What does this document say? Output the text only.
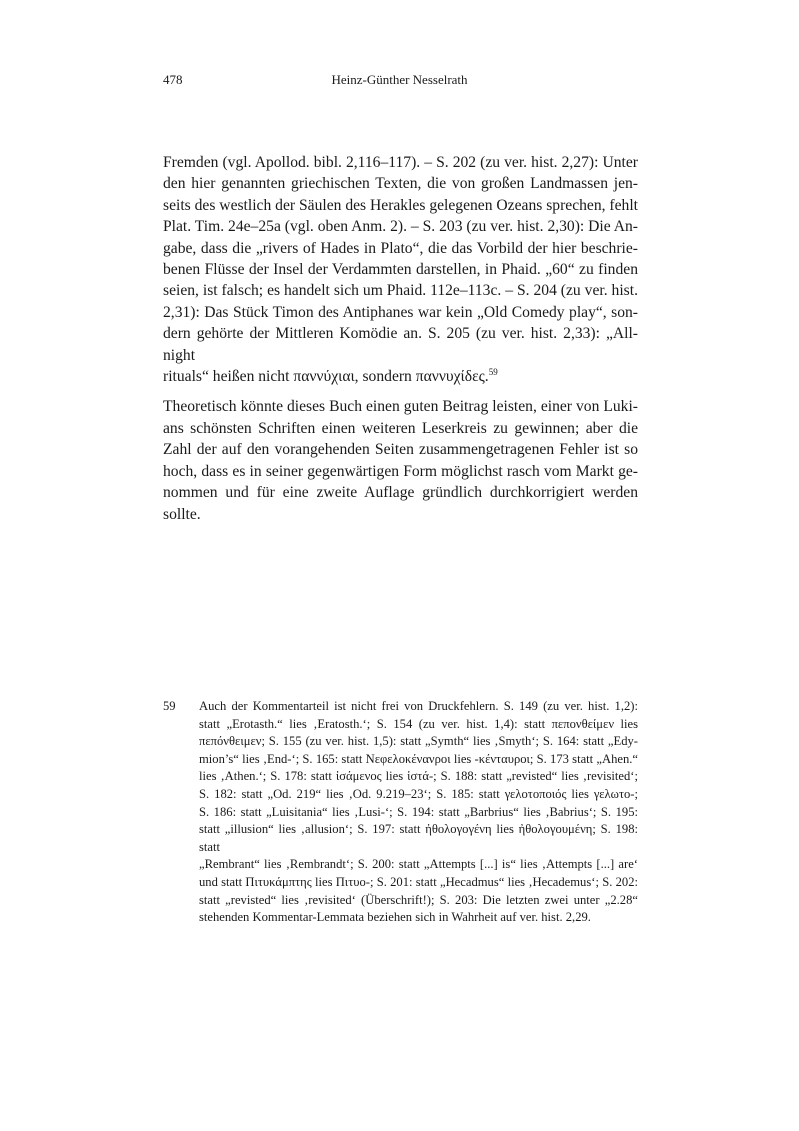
478	Heinz-Günther Nesselrath
Fremden (vgl. Apollod. bibl. 2,116–117). – S. 202 (zu ver. hist. 2,27): Unter
den hier genannten griechischen Texten, die von großen Landmassen jen-
seits des westlich der Säulen des Herakles gelegenen Ozeans sprechen, fehlt
Plat. Tim. 24e–25a (vgl. oben Anm. 2). – S. 203 (zu ver. hist. 2,30): Die An-
gabe, dass die „rivers of Hades in Plato“, die das Vorbild der hier beschrie-
benen Flüsse der Insel der Verdammten darstellen, in Phaid. „60“ zu finden
seien, ist falsch; es handelt sich um Phaid. 112e–113c. – S. 204 (zu ver. hist.
2,31): Das Stück Timon des Antiphanes war kein „Old Comedy play“, son-
dern gehörte der Mittleren Komödie an. S. 205 (zu ver. hist. 2,33): „All-night
rituals“ heißen nicht παννύχιαι, sondern παννυχίδες.$^{59}$
Theoretisch könnte dieses Buch einen guten Beitrag leisten, einer von Luki-
ans schönsten Schriften einen weiteren Leserkreis zu gewinnen; aber die
Zahl der auf den vorangehenden Seiten zusammengetragenen Fehler ist so
hoch, dass es in seiner gegenwärtigen Form möglichst rasch vom Markt ge-
nommen und für eine zweite Auflage gründlich durchkorrigiert werden
sollte.
59	Auch der Kommentarteil ist nicht frei von Druckfehlern. S. 149 (zu ver. hist. 1,2):
statt „Erotasth.“ lies ‚Eratosth.‘; S. 154 (zu ver. hist. 1,4): statt πεπονθείμεν lies
πεπόνθειμεν; S. 155 (zu ver. hist. 1,5): statt „Symth“ lies ‚Smyth‘; S. 164: statt „Edy-
mion’s“ lies ‚End-‘; S. 165: statt Νεφελοκένανροι lies -κένταυροι; S. 173 statt „Ahen.“
lies ‚Athen.‘; S. 178: statt ἰσάμενος lies ἱστά-; S. 188: statt „revisted“ lies ‚revisited‘;
S. 182: statt „Od. 219“ lies ‚Od. 9.219–23‘; S. 185: statt γελοτοποιός lies γελωτο-;
S. 186: statt „Luisitania“ lies ‚Lusi-‘; S. 194: statt „Barbrius“ lies ‚Babrius‘; S. 195:
statt „illusion“ lies ‚allusion‘; S. 197: statt ἠθολογογένη lies ἠθολογουμένη; S. 198: statt
„Rembrant“ lies ‚Rembrandt‘; S. 200: statt „Attempts [...] is“ lies ‚Attempts [...] are‘
und statt Πιτυκάμπτης lies Πιτυο-; S. 201: statt „Hecadmus“ lies ‚Hecademus‘; S. 202:
statt „revisted“ lies ‚revisited‘ (Überschrift!); S. 203: Die letzten zwei unter „2.28“
stehenden Kommentar-Lemmata beziehen sich in Wahrheit auf ver. hist. 2,29.
